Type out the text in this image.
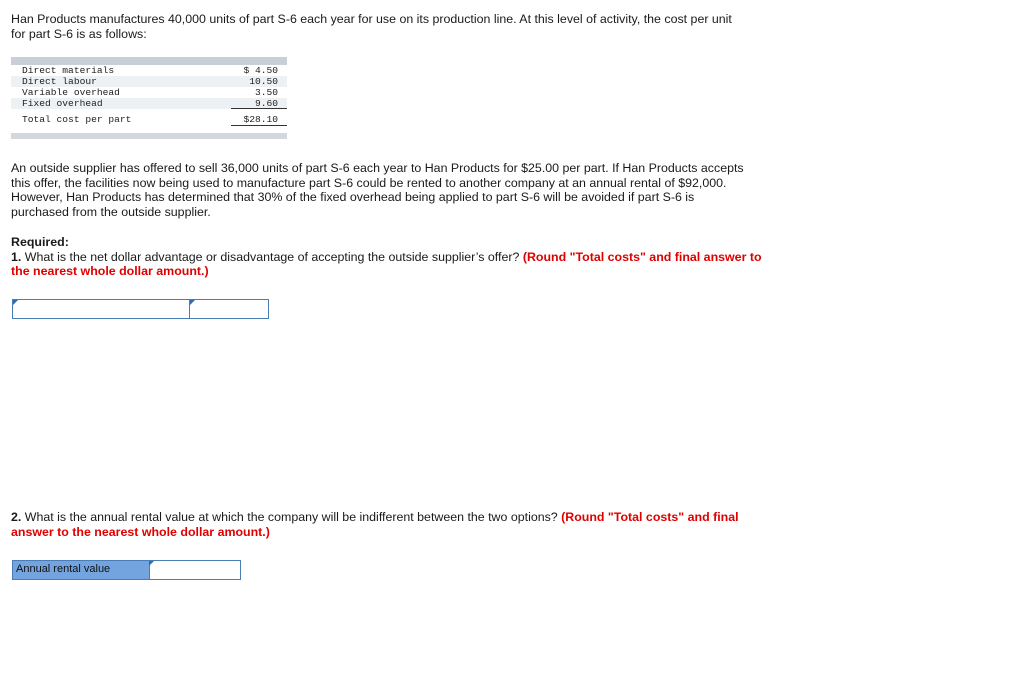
Han Products manufactures 40,000 units of part S-6 each year for use on its production line. At this level of activity, the cost per unit
for part S-6 is as follows:
Direct materials	$ 4.50
Direct labour	10.50
Variable overhead	3.50
Fixed overhead	9.60
Total cost per part	$28.10
An outside supplier has offered to sell 36,000 units of part S-6 each year to Han Products for $25.00 per part. If Han Products accepts
this offer, the facilities now being used to manufacture part S-6 could be rented to another company at an annual rental of $92,000.
However, Han Products has determined that 30% of the fixed overhead being applied to part S-6 will be avoided if part S-6 is
purchased from the outside supplier.
Required:
1. What is the net dollar advantage or disadvantage of accepting the outside supplier’s offer? (Round "Total costs" and final answer to
the nearest whole dollar amount.)
2. What is the annual rental value at which the company will be indifferent between the two options? (Round "Total costs" and final
answer to the nearest whole dollar amount.)
Annual rental value
